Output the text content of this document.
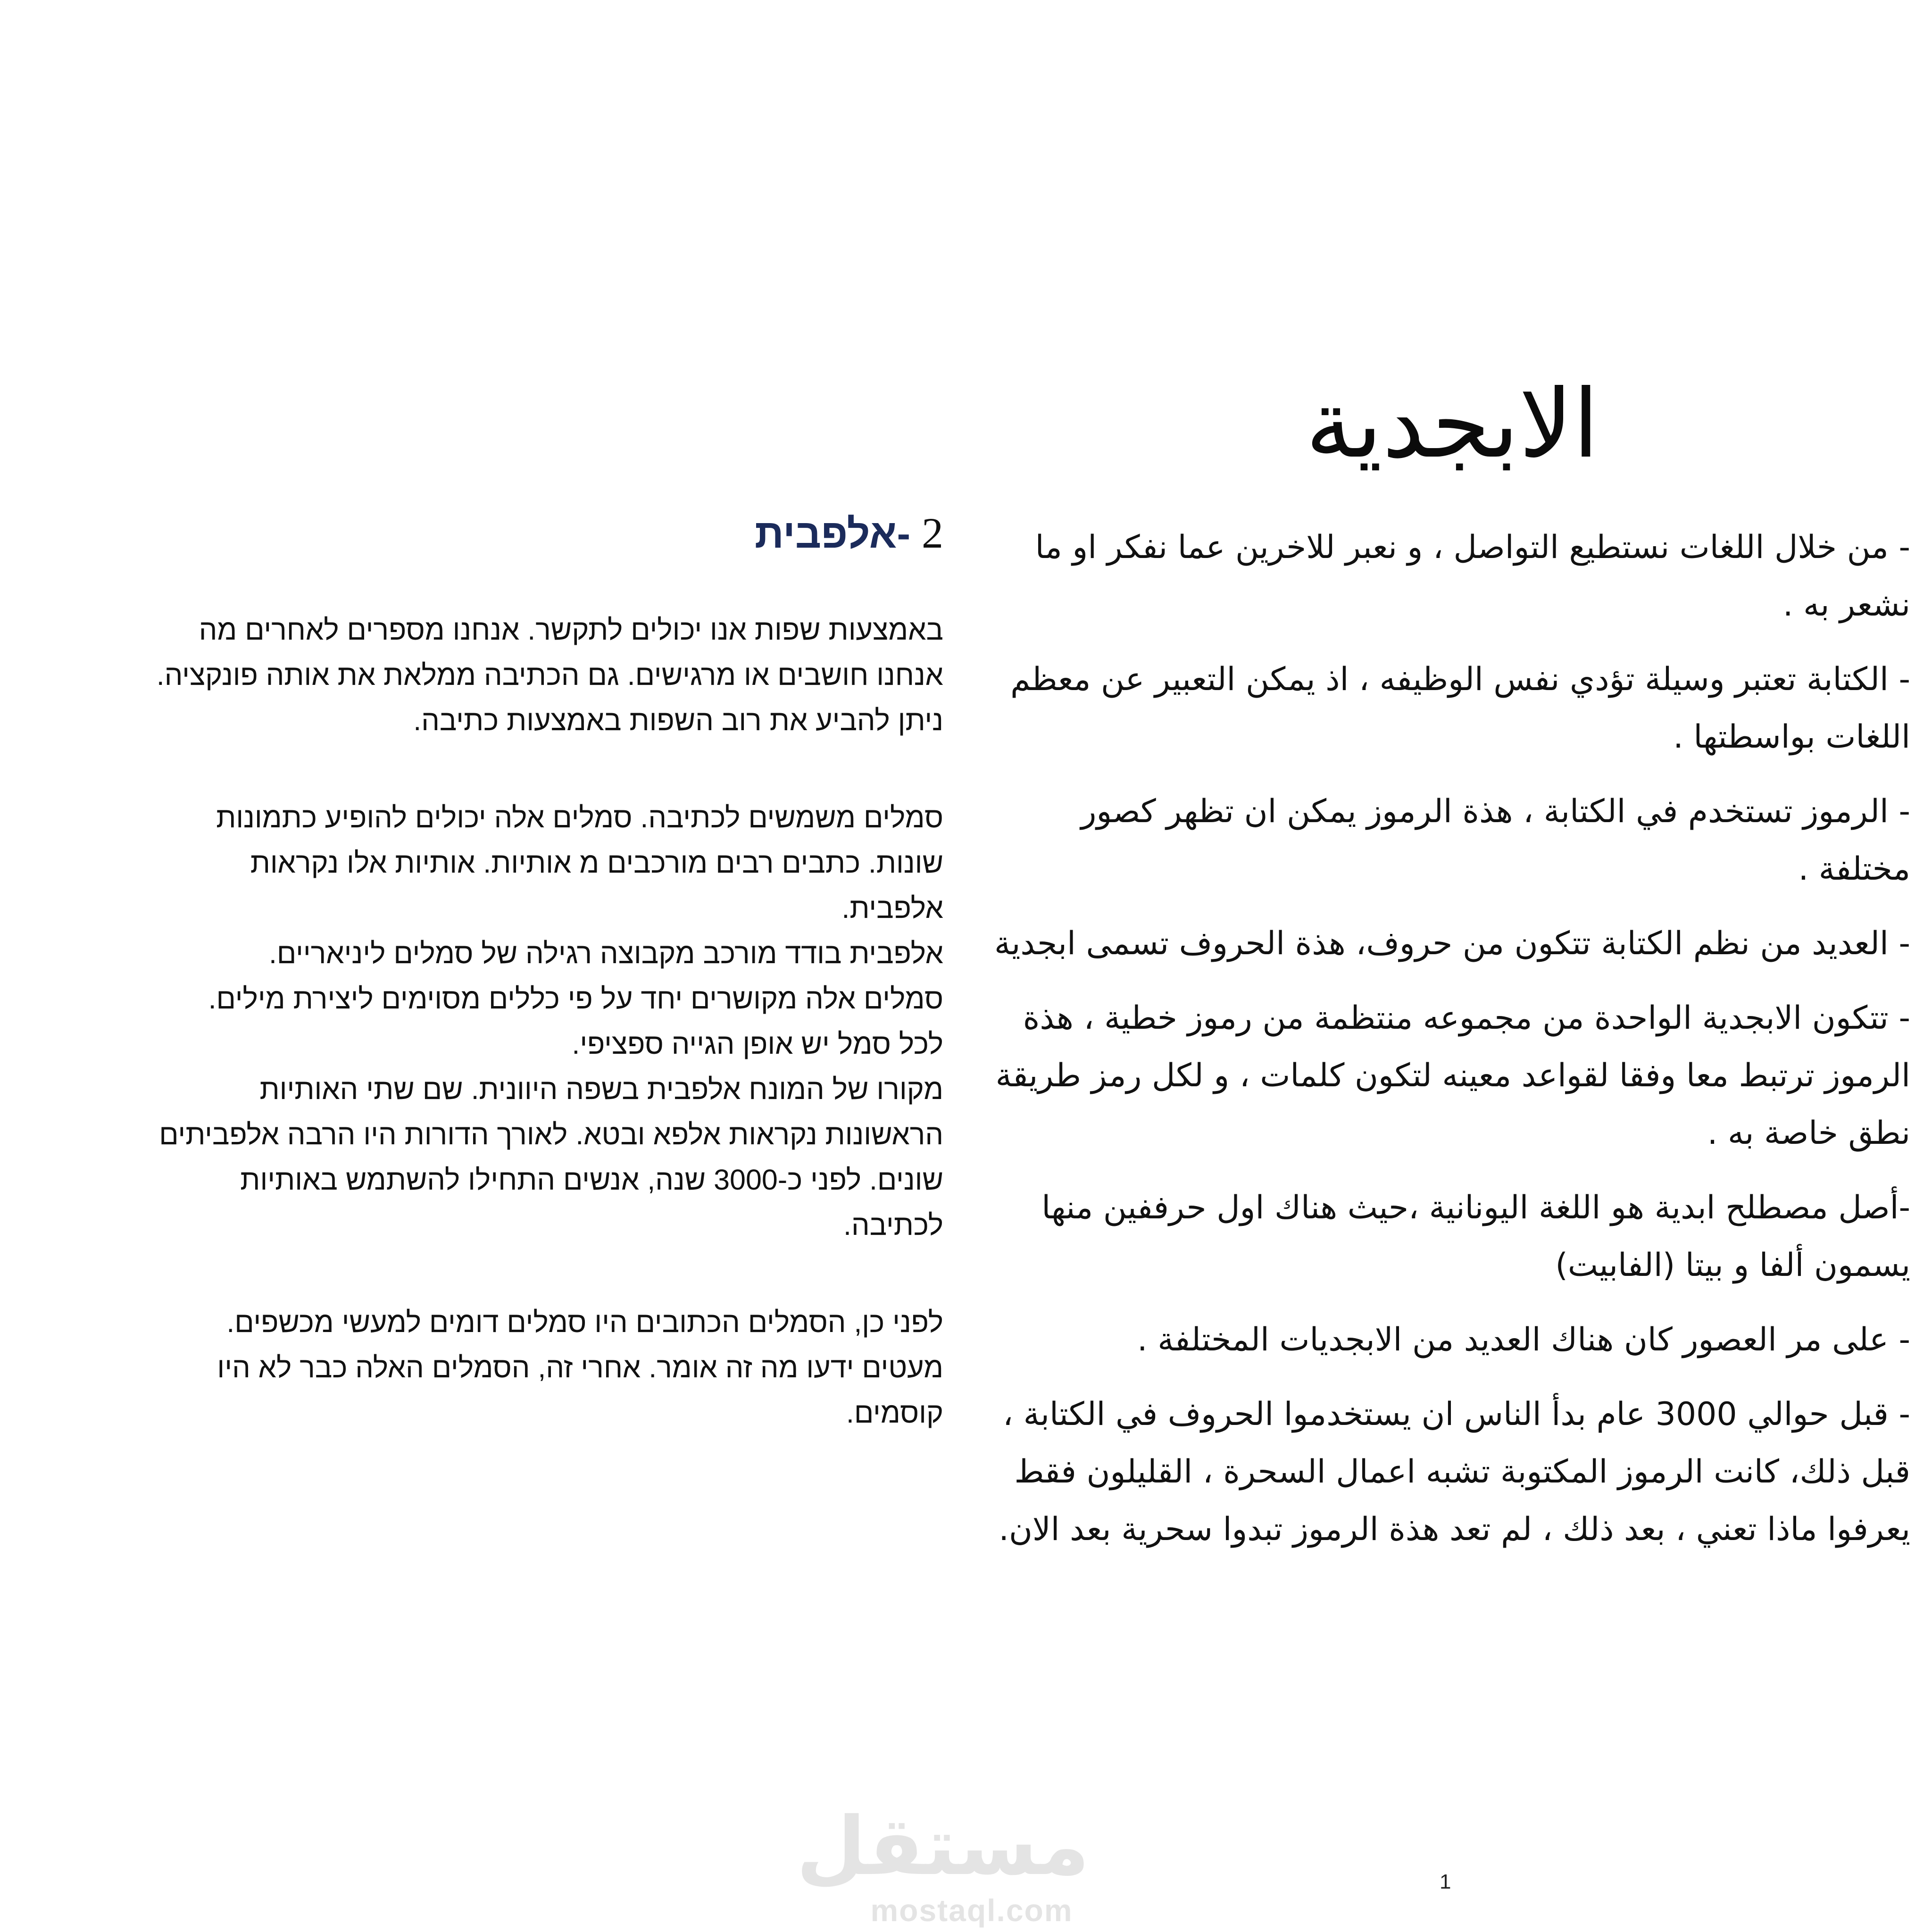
الابجدية

- من خلال اللغات نستطيع التواصل ، و نعبر للاخرين عما نفكر او ما نشعر به .

- الكتابة تعتبر وسيلة تؤدي نفس الوظيفه ، اذ يمكن التعبير عن معظم اللغات بواسطتها .

- الرموز تستخدم في الكتابة ، هذة الرموز يمكن ان تظهر كصور مختلفة .

- العديد من نظم الكتابة تتكون من حروف، هذة الحروف تسمى ابجدية

- تتكون الابجدية الواحدة من مجموعه منتظمة من رموز خطية ، هذة الرموز ترتبط معا وفقا لقواعد معينه لتكون كلمات ، و لكل رمز طريقة نطق خاصة به .

-أصل مصطلح ابدية هو اللغة اليونانية ،حيث هناك اول حرففين منها يسمون ألفا و بيتا (الفابيت)

- على مر العصور كان هناك العديد من الابجديات المختلفة .

- قبل حوالي 3000 عام بدأ الناس ان يستخدموا الحروف في الكتابة ، قبل ذلك، كانت الرموز المكتوبة تشبه اعمال السحرة ، القليلون فقط يعرفوا ماذا تعني ، بعد ذلك ، لم تعد هذة الرموز تبدوا سحرية بعد الان.

2 -אלפבית
באמצעות שפות אנו יכולים לתקשר. אנחנו מספרים לאחרים מה
אנחנו חושבים או מרגישים. גם הכתיבה ממלאת את אותה פונקציה.
ניתן להביע את רוב השפות באמצעות כתיבה.
סמלים משמשים לכתיבה. סמלים אלה יכולים להופיע כתמונות
שונות. כתבים רבים מורכבים מ אותיות. אותיות אלו נקראות
אלפבית.
אלפבית בודד מורכב מקבוצה רגילה של סמלים ליניאריים.
סמלים אלה מקושרים יחד על פי כללים מסוימים ליצירת מילים.
לכל סמל יש אופן הגייה ספציפי.
מקורו של המונח אלפבית בשפה היוונית. שם שתי האותיות
הראשונות נקראות אלפא ובטא. לאורך הדורות היו הרבה אלפביתים
שונים. לפני כ-3000 שנה, אנשים התחילו להשתמש באותיות
לכתיבה.
לפני כן, הסמלים הכתובים היו סמלים דומים למעשי מכשפים.
מעטים ידעו מה זה אומר. אחרי זה, הסמלים האלה כבר לא היו
קוסמים.
مستقل
mostaql.com
1
